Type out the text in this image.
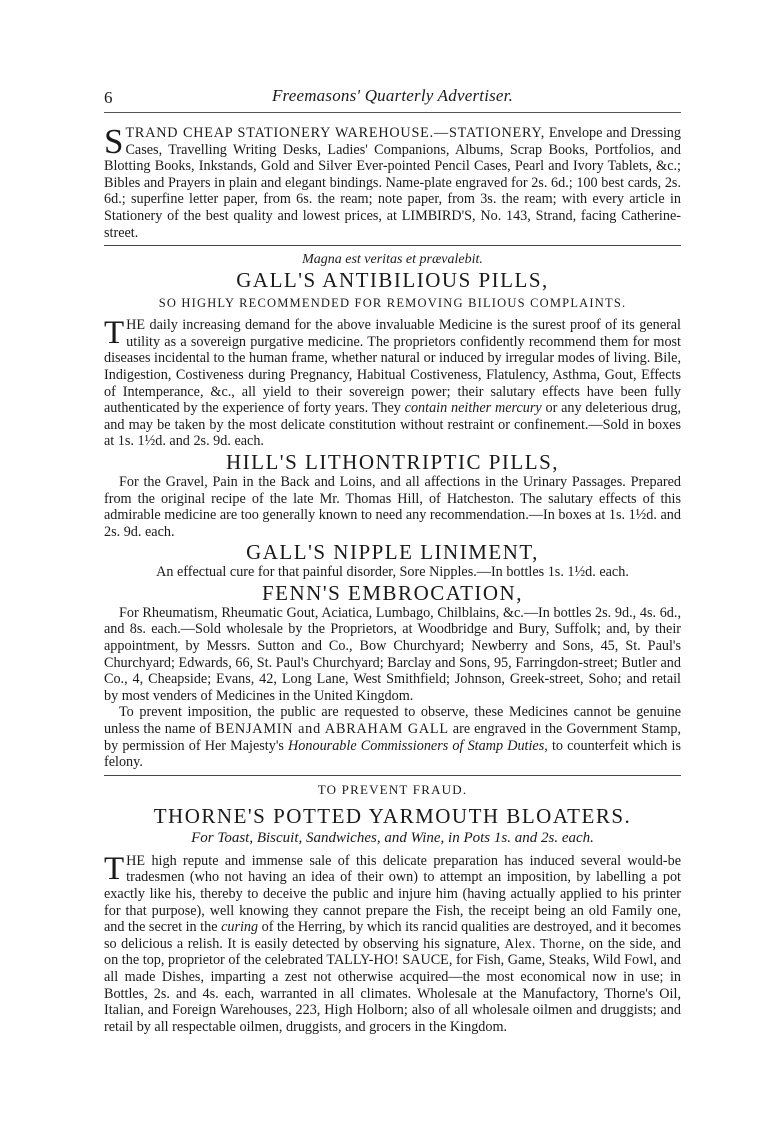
6	Freemasons' Quarterly Advertiser.

STRAND CHEAP STATIONERY WAREHOUSE.—STATIONERY, Envelope and Dressing Cases, Travelling Writing Desks, Ladies' Companions, Albums, Scrap Books, Portfolios, and Blotting Books, Inkstands, Gold and Silver Ever-pointed Pencil Cases, Pearl and Ivory Tablets, &c.; Bibles and Prayers in plain and elegant bindings. Name-plate engraved for 2s. 6d.; 100 best cards, 2s. 6d.; superfine letter paper, from 6s. the ream; note paper, from 3s. the ream; with every article in Stationery of the best quality and lowest prices, at LIMBIRD'S, No. 143, Strand, facing Catherine-street.

Magna est veritas et prævalebit.
GALL'S ANTIBILIOUS PILLS,
SO HIGHLY RECOMMENDED FOR REMOVING BILIOUS COMPLAINTS.

THE daily increasing demand for the above invaluable Medicine is the surest proof of its general utility as a sovereign purgative medicine. The proprietors confidently recommend them for most diseases incidental to the human frame, whether natural or induced by irregular modes of living. Bile, Indigestion, Costiveness during Pregnancy, Habitual Costiveness, Flatulency, Asthma, Gout, Effects of Intemperance, &c., all yield to their sovereign power; their salutary effects have been fully authenticated by the experience of forty years. They contain neither mercury or any deleterious drug, and may be taken by the most delicate constitution without restraint or confinement.—Sold in boxes at 1s. 1½d. and 2s. 9d. each.

HILL'S LITHONTRIPTIC PILLS,

For the Gravel, Pain in the Back and Loins, and all affections in the Urinary Passages. Prepared from the original recipe of the late Mr. Thomas Hill, of Hatcheston. The salutary effects of this admirable medicine are too generally known to need any recommendation.—In boxes at 1s. 1½d. and 2s. 9d. each.

GALL'S NIPPLE LINIMENT,

An effectual cure for that painful disorder, Sore Nipples.—In bottles 1s. 1½d. each.

FENN'S EMBROCATION,

For Rheumatism, Rheumatic Gout, Aciatica, Lumbago, Chilblains, &c.—In bottles 2s. 9d., 4s. 6d., and 8s. each.—Sold wholesale by the Proprietors, at Woodbridge and Bury, Suffolk; and, by their appointment, by Messrs. Sutton and Co., Bow Churchyard; Newberry and Sons, 45, St. Paul's Churchyard; Edwards, 66, St. Paul's Churchyard; Barclay and Sons, 95, Farringdon-street; Butler and Co., 4, Cheapside; Evans, 42, Long Lane, West Smithfield; Johnson, Greek-street, Soho; and retail by most venders of Medicines in the United Kingdom.

To prevent imposition, the public are requested to observe, these Medicines cannot be genuine unless the name of BENJAMIN and ABRAHAM GALL are engraved in the Government Stamp, by permission of Her Majesty's Honourable Commissioners of Stamp Duties, to counterfeit which is felony.

TO PREVENT FRAUD.
THORNE'S POTTED YARMOUTH BLOATERS.
For Toast, Biscuit, Sandwiches, and Wine, in Pots 1s. and 2s. each.

THE high repute and immense sale of this delicate preparation has induced several would-be tradesmen (who not having an idea of their own) to attempt an imposition, by labelling a pot exactly like his, thereby to deceive the public and injure him (having actually applied to his printer for that purpose), well knowing they cannot prepare the Fish, the receipt being an old Family one, and the secret in the curing of the Herring, by which its rancid qualities are destroyed, and it becomes so delicious a relish. It is easily detected by observing his signature, Alex. Thorne, on the side, and on the top, proprietor of the celebrated TALLY-HO! SAUCE, for Fish, Game, Steaks, Wild Fowl, and all made Dishes, imparting a zest not otherwise acquired—the most economical now in use; in Bottles, 2s. and 4s. each, warranted in all climates. Wholesale at the Manufactory, Thorne's Oil, Italian, and Foreign Warehouses, 223, High Holborn; also of all wholesale oilmen and druggists; and retail by all respectable oilmen, druggists, and grocers in the Kingdom.
